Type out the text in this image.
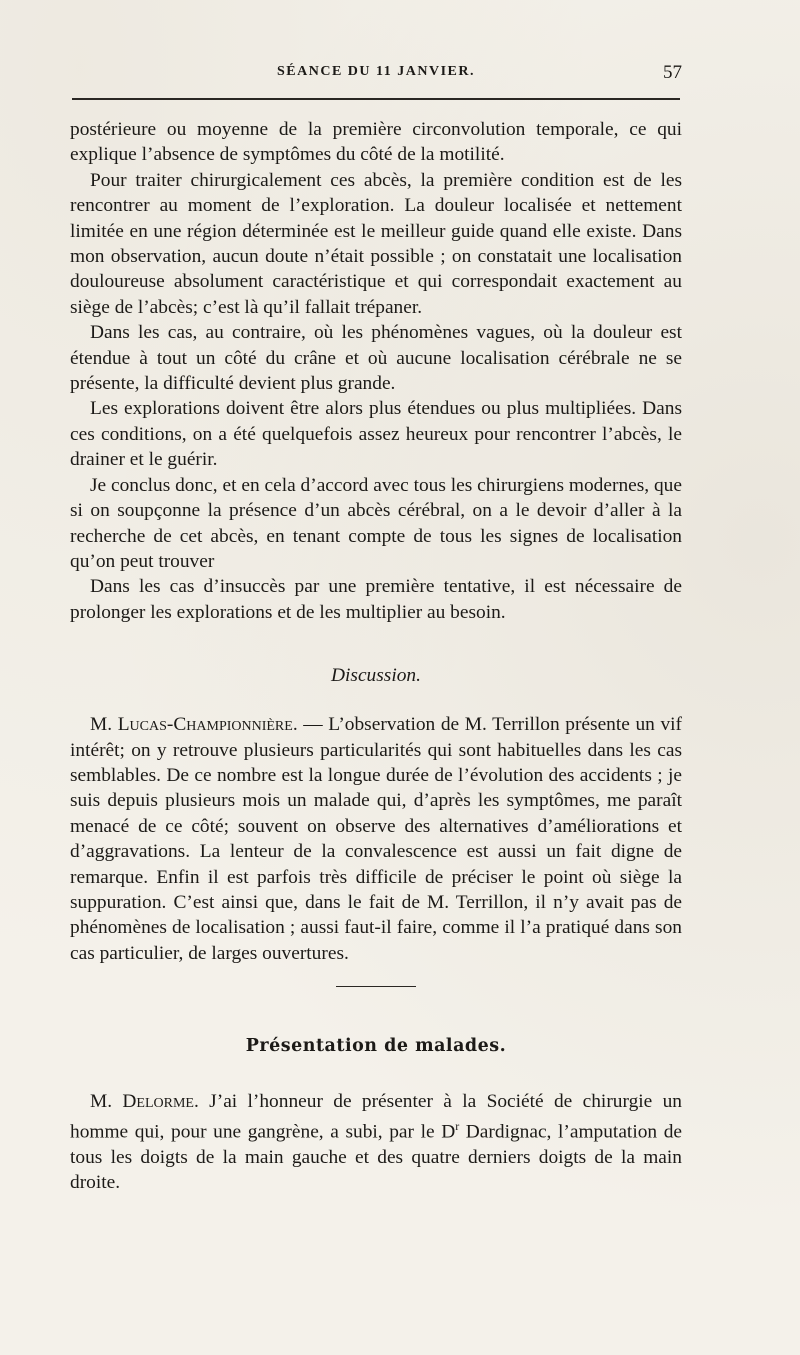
SÉANCE DU 11 JANVIER.	57

postérieure ou moyenne de la première circonvolution temporale, ce qui explique l’absence de symptômes du côté de la motilité.

Pour traiter chirurgicalement ces abcès, la première condition est de les rencontrer au moment de l’exploration. La douleur localisée et nettement limitée en une région déterminée est le meilleur guide quand elle existe. Dans mon observation, aucun doute n’était possible ; on constatait une localisation douloureuse absolument caractéristique et qui correspondait exactement au siège de l’abcès; c’est là qu’il fallait trépaner.

Dans les cas, au contraire, où les phénomènes vagues, où la douleur est étendue à tout un côté du crâne et où aucune localisation cérébrale ne se présente, la difficulté devient plus grande.

Les explorations doivent être alors plus étendues ou plus multipliées. Dans ces conditions, on a été quelquefois assez heureux pour rencontrer l’abcès, le drainer et le guérir.

Je conclus donc, et en cela d’accord avec tous les chirurgiens modernes, que si on soupçonne la présence d’un abcès cérébral, on a le devoir d’aller à la recherche de cet abcès, en tenant compte de tous les signes de localisation qu’on peut trouver

Dans les cas d’insuccès par une première tentative, il est nécessaire de prolonger les explorations et de les multiplier au besoin.

Discussion.

M. Lucas-Championnière. — L’observation de M. Terrillon présente un vif intérêt; on y retrouve plusieurs particularités qui sont habituelles dans les cas semblables. De ce nombre est la longue durée de l’évolution des accidents ; je suis depuis plusieurs mois un malade qui, d’après les symptômes, me paraît menacé de ce côté; souvent on observe des alternatives d’améliorations et d’aggravations. La lenteur de la convalescence est aussi un fait digne de remarque. Enfin il est parfois très difficile de préciser le point où siège la suppuration. C’est ainsi que, dans le fait de M. Terrillon, il n’y avait pas de phénomènes de localisation ; aussi faut-il faire, comme il l’a pratiqué dans son cas particulier, de larges ouvertures.

Présentation de malades.

M. Delorme. J’ai l’honneur de présenter à la Société de chirurgie un homme qui, pour une gangrène, a subi, par le $D^r$ Dardignac, l’amputation de tous les doigts de la main gauche et des quatre derniers doigts de la main droite.
